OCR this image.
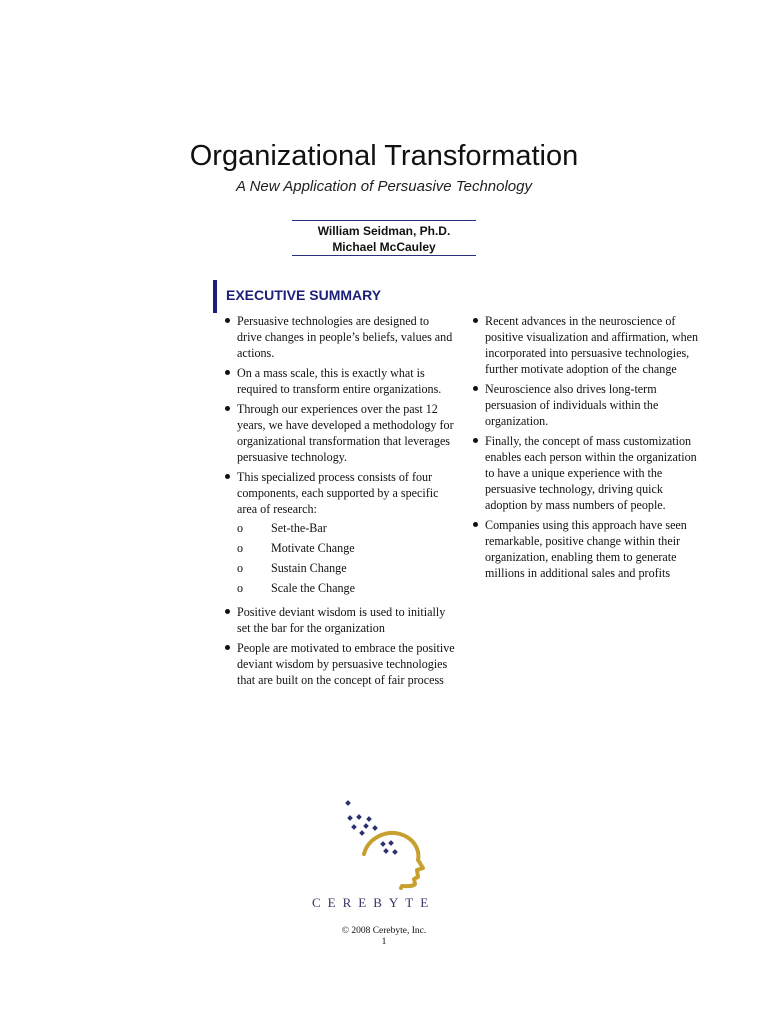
Organizational Transformation
A New Application of Persuasive Technology
William Seidman, Ph.D.
Michael McCauley
EXECUTIVE SUMMARY
Persuasive technologies are designed to drive changes in people’s beliefs, values and actions.
On a mass scale, this is exactly what is required to transform entire organizations.
Through our experiences over the past 12 years, we have developed a methodology for organizational transformation that leverages persuasive technology.
This specialized process consists of four components, each supported by a specific area of research:
o Set-the-Bar
o Motivate Change
o Sustain Change
o Scale the Change
Positive deviant wisdom is used to initially set the bar for the organization
People are motivated to embrace the positive deviant wisdom by persuasive technologies that are built on the concept of fair process
Recent advances in the neuroscience of positive visualization and affirmation, when incorporated into persuasive technologies, further motivate adoption of the change
Neuroscience also drives long-term persuasion of individuals within the organization.
Finally, the concept of mass customization enables each person within the organization to have a unique experience with the persuasive technology, driving quick adoption by mass numbers of people.
Companies using this approach have seen remarkable, positive change within their organization, enabling them to generate millions in additional sales and profits
CEREBYTE
© 2008 Cerebyte, Inc.
1
